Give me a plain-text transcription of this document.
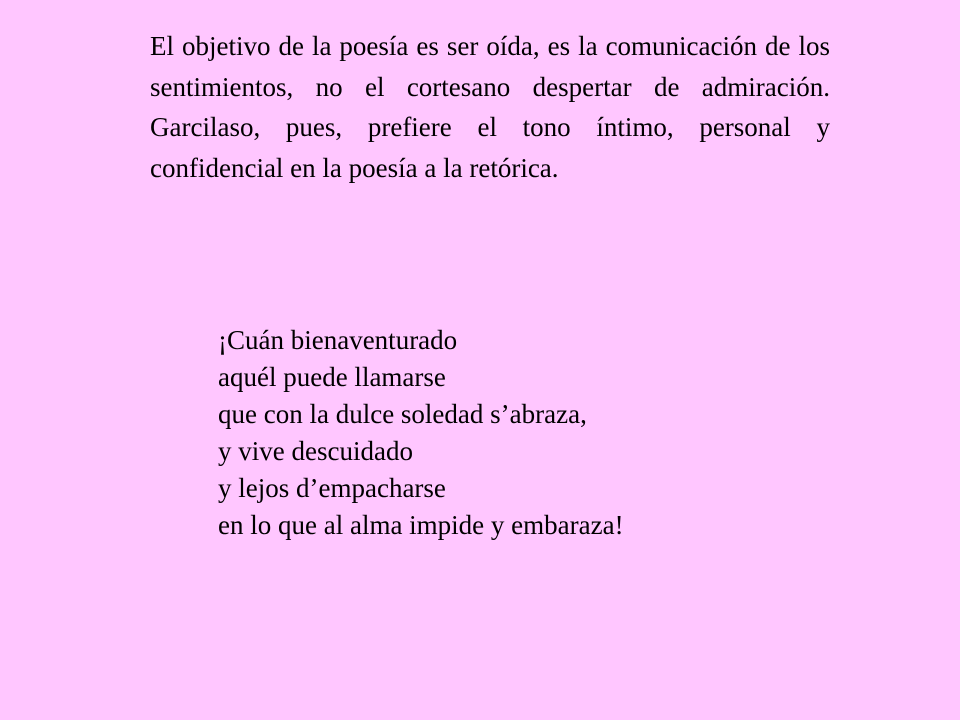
El objetivo de la poesía es ser oída, es la comunicación de los sentimientos, no el cortesano despertar de admiración. Garcilaso, pues, prefiere el tono íntimo, personal y confidencial en la poesía a la retórica.

¡Cuán bienaventurado
aquél puede llamarse
que con la dulce soledad s’abraza,
y vive descuidado
y lejos d’empacharse
en lo que al alma impide y embaraza!
